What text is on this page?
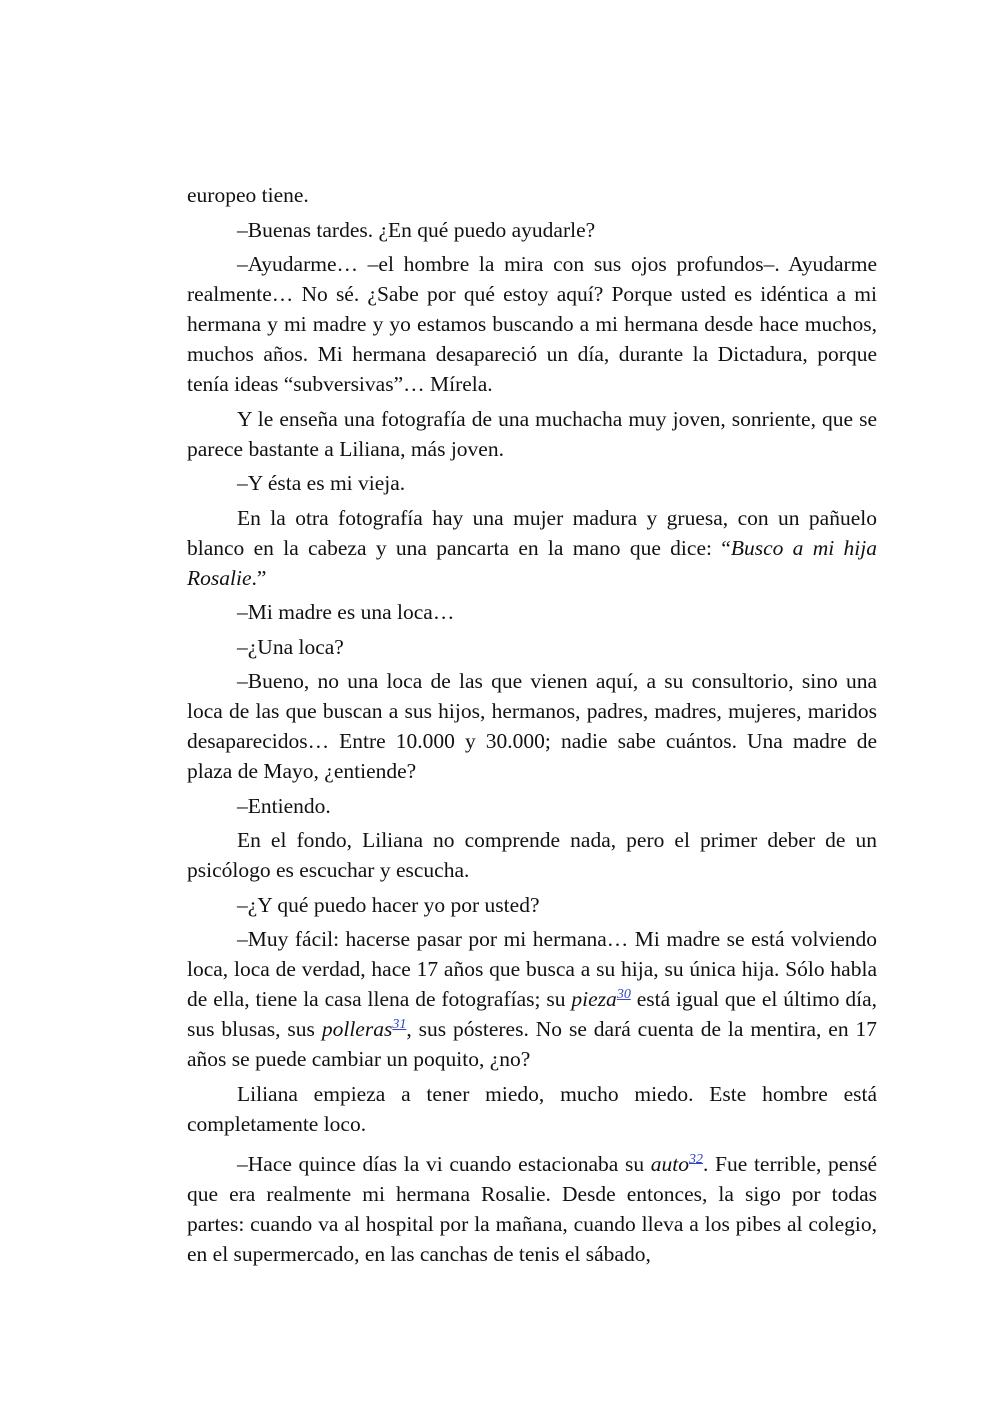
europeo tiene.

–Buenas tardes. ¿En qué puedo ayudarle?

–Ayudarme… –el hombre la mira con sus ojos profundos–. Ayudarme realmente… No sé. ¿Sabe por qué estoy aquí? Porque usted es idéntica a mi hermana y mi madre y yo estamos buscando a mi hermana desde hace muchos, muchos años. Mi hermana desapareció un día, durante la Dictadura, porque tenía ideas “subversivas”… Mírela.

Y le enseña una fotografía de una muchacha muy joven, sonriente, que se parece bastante a Liliana, más joven.

–Y ésta es mi vieja.

En la otra fotografía hay una mujer madura y gruesa, con un pañuelo blanco en la cabeza y una pancarta en la mano que dice: “Busco a mi hija Rosalie.”

–Mi madre es una loca…

–¿Una loca?

–Bueno, no una loca de las que vienen aquí, a su consultorio, sino una loca de las que buscan a sus hijos, hermanos, padres, madres, mujeres, maridos desaparecidos… Entre 10.000 y 30.000; nadie sabe cuántos. Una madre de plaza de Mayo, ¿entiende?

–Entiendo.

En el fondo, Liliana no comprende nada, pero el primer deber de un psicólogo es escuchar y escucha.

–¿Y qué puedo hacer yo por usted?

–Muy fácil: hacerse pasar por mi hermana… Mi madre se está volviendo loca, loca de verdad, hace 17 años que busca a su hija, su única hija. Sólo habla de ella, tiene la casa llena de fotografías; su pieza$^{30}$ está igual que el último día, sus blusas, sus polleras$^{31}$, sus pósteres. No se dará cuenta de la mentira, en 17 años se puede cambiar un poquito, ¿no?

Liliana empieza a tener miedo, mucho miedo. Este hombre está completamente loco.

–Hace quince días la vi cuando estacionaba su auto$^{32}$. Fue terrible, pensé que era realmente mi hermana Rosalie. Desde entonces, la sigo por todas partes: cuando va al hospital por la mañana, cuando lleva a los pibes al colegio, en el supermercado, en las canchas de tenis el sábado,
